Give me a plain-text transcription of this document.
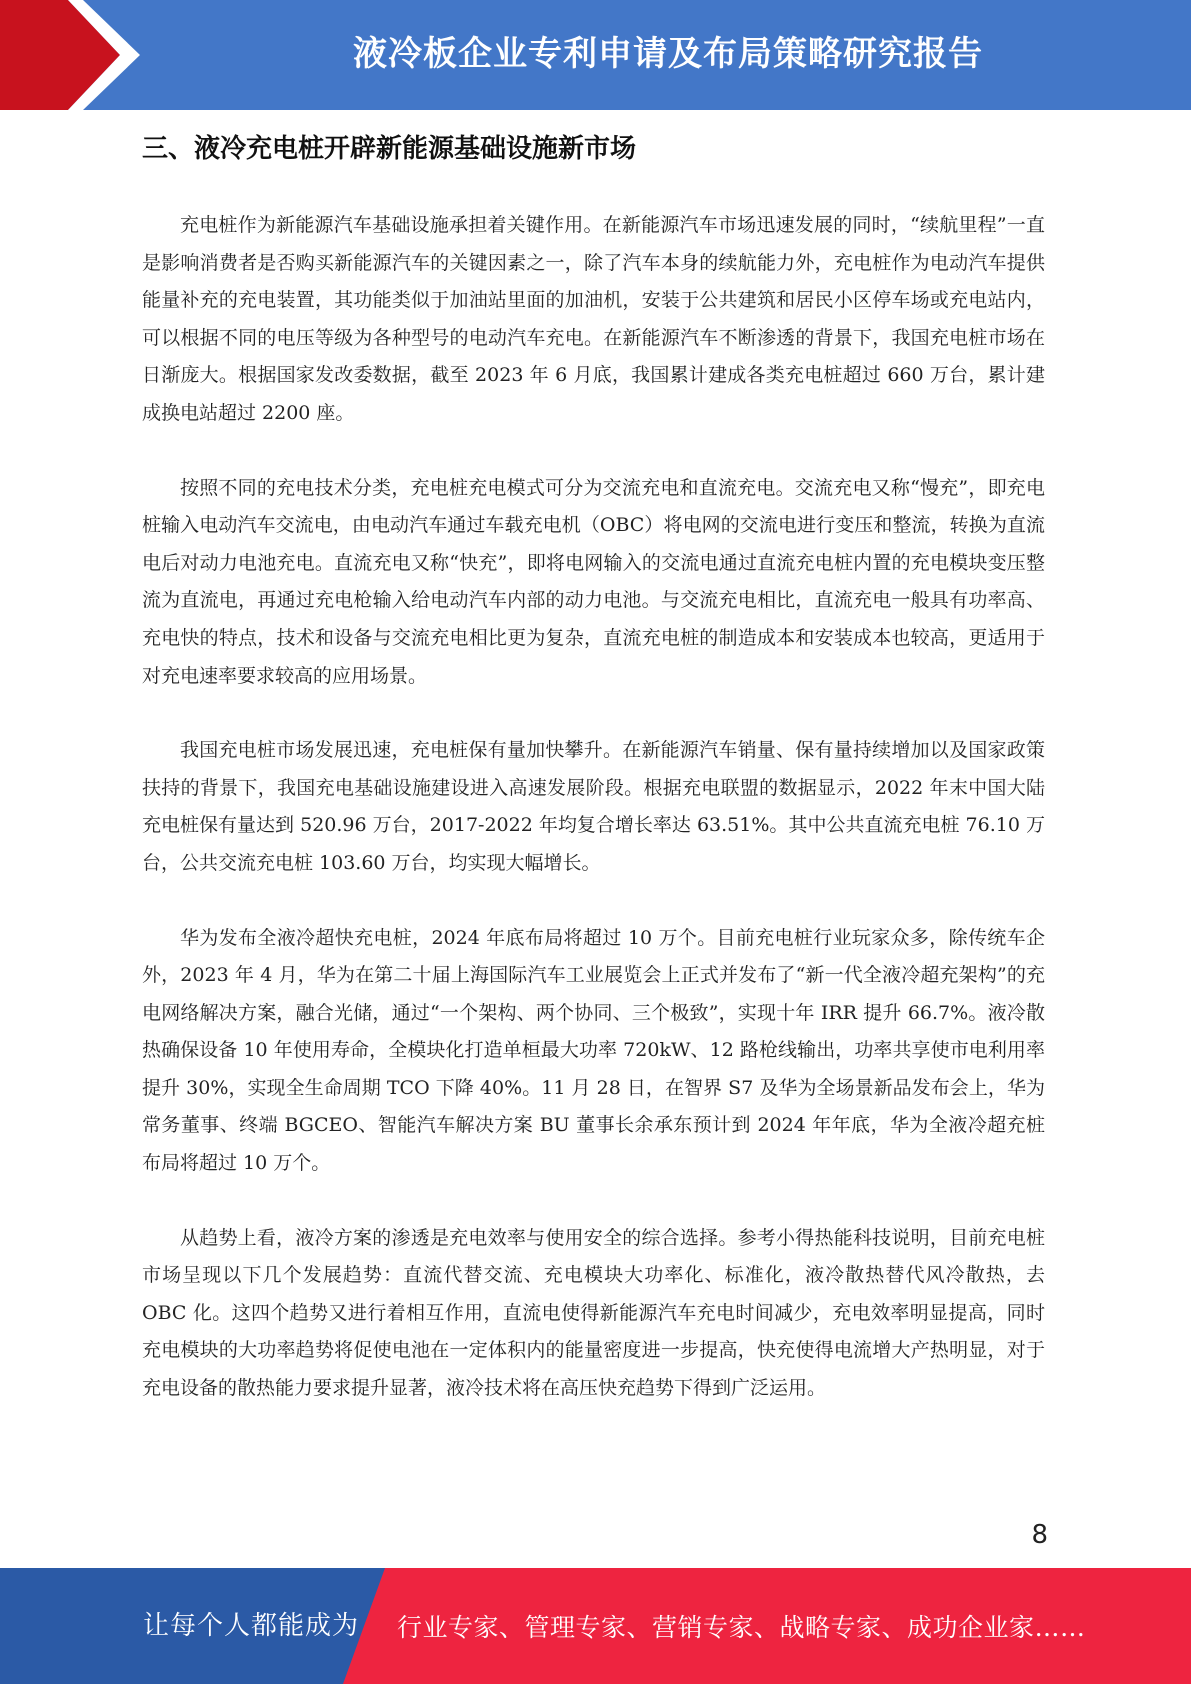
液冷板企业专利申请及布局策略研究报告
三、液冷充电桩开辟新能源基础设施新市场

充电桩作为新能源汽车基础设施承担着关键作用。在新能源汽车市场迅速发展的同时，“续航里程”一直是影响消费者是否购买新能源汽车的关键因素之一，除了汽车本身的续航能力外，充电桩作为电动汽车提供能量补充的充电装置，其功能类似于加油站里面的加油机，安装于公共建筑和居民小区停车场或充电站内，可以根据不同的电压等级为各种型号的电动汽车充电。在新能源汽车不断渗透的背景下，我国充电桩市场在日渐庞大。根据国家发改委数据，截至 2023 年 6 月底，我国累计建成各类充电桩超过 660 万台，累计建成换电站超过 2200 座。

按照不同的充电技术分类，充电桩充电模式可分为交流充电和直流充电。交流充电又称“慢充”，即充电桩输入电动汽车交流电，由电动汽车通过车载充电机（OBC）将电网的交流电进行变压和整流，转换为直流电后对动力电池充电。直流充电又称“快充”，即将电网输入的交流电通过直流充电桩内置的充电模块变压整流为直流电，再通过充电枪输入给电动汽车内部的动力电池。与交流充电相比，直流充电一般具有功率高、充电快的特点，技术和设备与交流充电相比更为复杂，直流充电桩的制造成本和安装成本也较高，更适用于对充电速率要求较高的应用场景。

我国充电桩市场发展迅速，充电桩保有量加快攀升。在新能源汽车销量、保有量持续增加以及国家政策扶持的背景下，我国充电基础设施建设进入高速发展阶段。根据充电联盟的数据显示，2022 年末中国大陆充电桩保有量达到 520.96 万台，2017-2022 年均复合增长率达 63.51%。其中公共直流充电桩 76.10 万台，公共交流充电桩 103.60 万台，均实现大幅增长。

华为发布全液冷超快充电桩，2024 年底布局将超过 10 万个。目前充电桩行业玩家众多，除传统车企外，2023 年 4 月，华为在第二十届上海国际汽车工业展览会上正式并发布了“新一代全液冷超充架构”的充电网络解决方案，融合光储，通过“一个架构、两个协同、三个极致”，实现十年 IRR 提升 66.7%。液冷散热确保设备 10 年使用寿命，全模块化打造单桓最大功率 720kW、12 路枪线输出，功率共享使市电利用率提升 30%，实现全生命周期 TCO 下降 40%。11 月 28 日，在智界 S7 及华为全场景新品发布会上，华为常务董事、终端 BGCEO、智能汽车解决方案 BU 董事长余承东预计到 2024 年年底，华为全液冷超充桩布局将超过 10 万个。

从趋势上看，液冷方案的渗透是充电效率与使用安全的综合选择。参考小得热能科技说明，目前充电桩市场呈现以下几个发展趋势：直流代替交流、充电模块大功率化、标准化，液冷散热替代风冷散热，去 OBC 化。这四个趋势又进行着相互作用，直流电使得新能源汽车充电时间减少，充电效率明显提高，同时充电模块的大功率趋势将促使电池在一定体积内的能量密度进一步提高，快充使得电流增大产热明显，对于充电设备的散热能力要求提升显著，液冷技术将在高压快充趋势下得到广泛运用。

8
让每个人都能成为 行业专家、管理专家、营销专家、战略专家、成功企业家……
